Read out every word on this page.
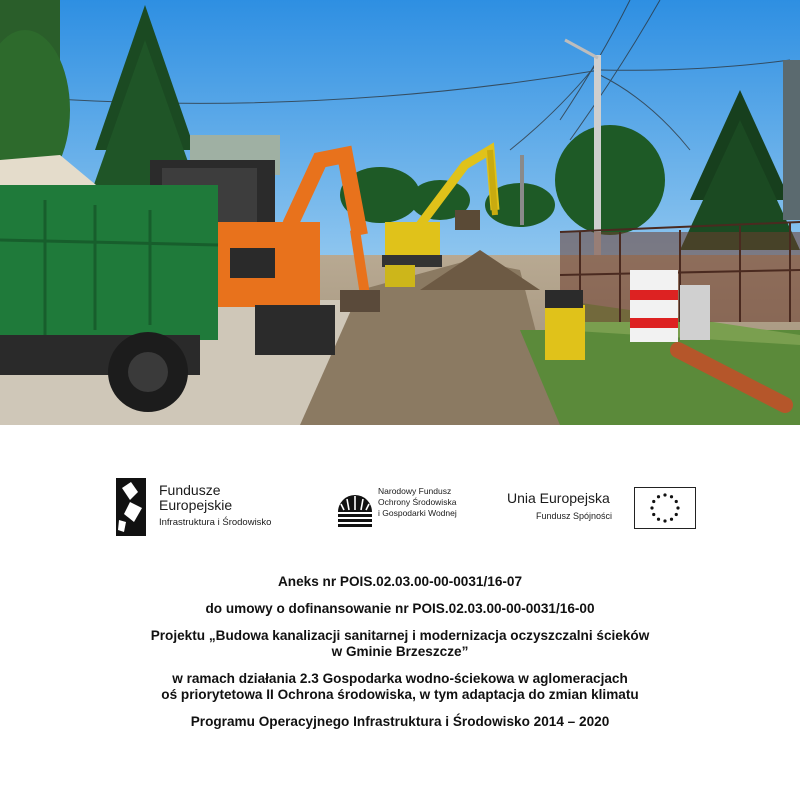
Fundusze
Europejskie
Infrastruktura i Środowisko
Narodowy Fundusz
Ochrony Środowiska
i Gospodarki Wodnej
Unia Europejska
Fundusz Spójności
Aneks nr POIS.02.03.00-00-0031/16-07
do umowy o dofinansowanie nr POIS.02.03.00-00-0031/16-00
Projektu „Budowa kanalizacji sanitarnej i modernizacja oczyszczalni ścieków
w Gminie Brzeszcze”
w ramach działania 2.3 Gospodarka wodno-ściekowa w aglomeracjach
oś priorytetowa II Ochrona środowiska, w tym adaptacja do zmian klimatu
Programu Operacyjnego Infrastruktura i Środowisko 2014 – 2020
